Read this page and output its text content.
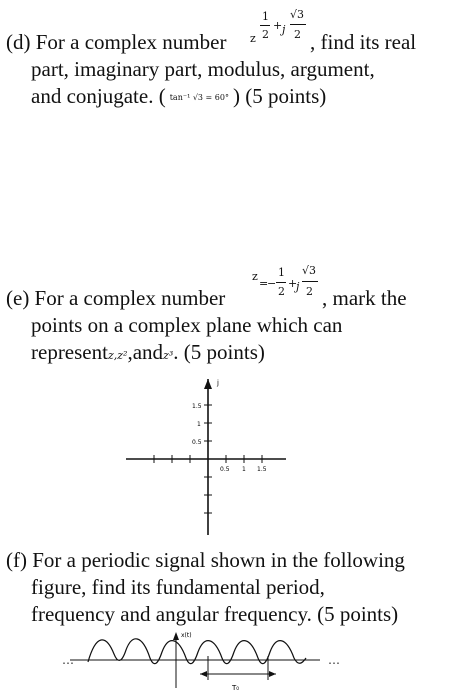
(d) For a complex number z
1
2
+ j
√3
2 , find its real
part, imaginary part, modulus, argument,
and conjugate. ( tan⁻¹ √3 = 60° ) (5 points)
(e) For a complex number
z
=
−
1
2
+
j
√3
2 , mark the
points on a complex plane which can
representz,z²,andz³. (5 points)
j
1.5
1
0.5
0.5 1 1.5
(f) For a periodic signal shown in the following
figure, find its fundamental period,
frequency and angular frequency. (5 points)
…	…
x(t)
T₀
